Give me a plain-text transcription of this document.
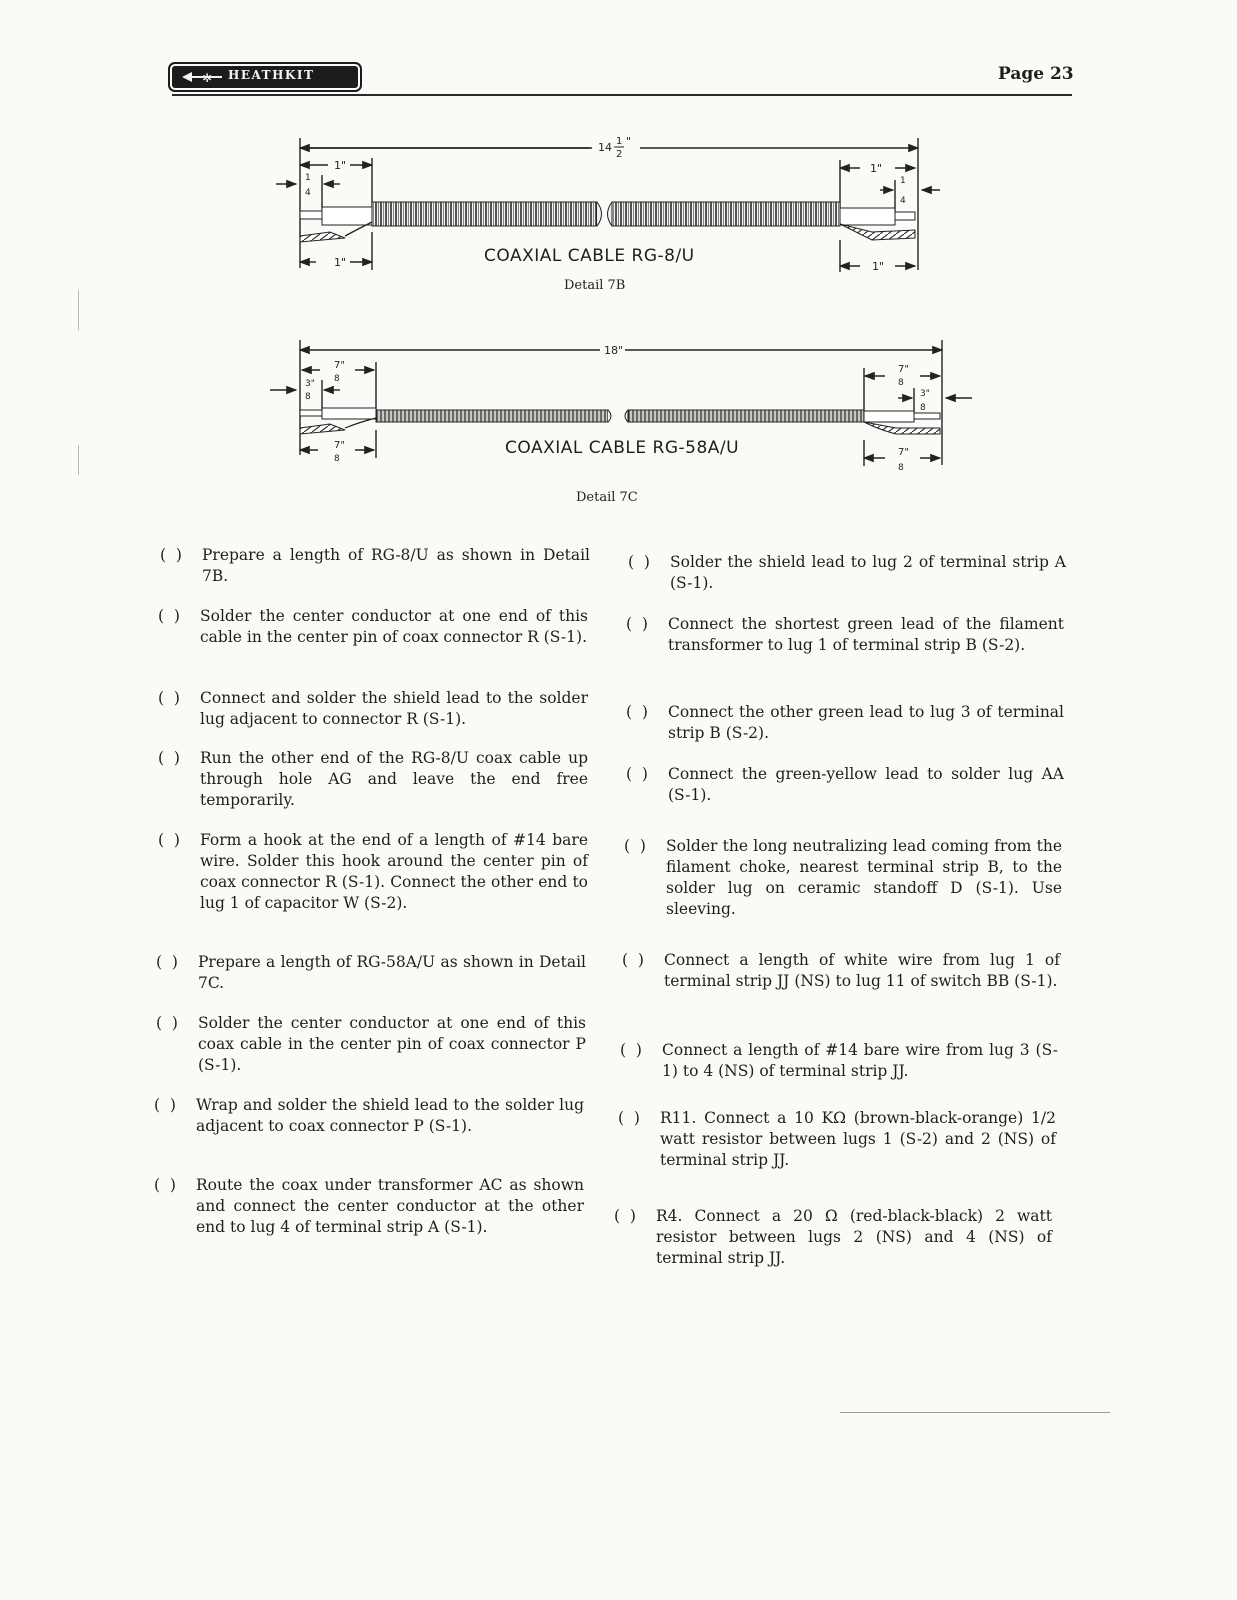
✲ HEATHKIT	Page 23
14 1
2
"
1"
1
4
1"
1"
1
4
1"
18"
7"
8
3"
8
7"
8
7"
8
3"
8
7"
8
COAXIAL CABLE RG-8/U
Detail 7B
COAXIAL CABLE RG-58A/U
Detail 7C
(  ) Prepare a length of RG-8/U as shown in Detail 7B.
(  ) Solder the center conductor at one end of this cable in the center pin of coax connector R (S-1).
(  ) Connect and solder the shield lead to the solder lug adjacent to connector R (S-1).
(  ) Run the other end of the RG-8/U coax cable up through hole AG and leave the end free temporarily.
(  ) Form a hook at the end of a length of #14 bare wire. Solder this hook around the center pin of coax connector R (S-1). Connect the other end to lug 1 of capacitor W (S-2).
(  ) Prepare a length of RG-58A/U as shown in Detail 7C.
(  ) Solder the center conductor at one end of this coax cable in the center pin of coax connector P (S-1).
(  ) Wrap and solder the shield lead to the solder lug adjacent to coax connector P (S-1).
(  ) Route the coax under transformer AC as shown and connect the center conductor at the other end to lug 4 of terminal strip A (S-1).
(  ) Solder the shield lead to lug 2 of terminal strip A (S-1).
(  ) Connect the shortest green lead of the filament transformer to lug 1 of terminal strip B (S-2).
(  ) Connect the other green lead to lug 3 of terminal strip B (S-2).
(  ) Connect the green-yellow lead to solder lug AA (S-1).
(  ) Solder the long neutralizing lead coming from the filament choke, nearest terminal strip B, to the solder lug on ceramic standoff D (S-1). Use sleeving.
(  ) Connect a length of white wire from lug 1 of terminal strip JJ (NS) to lug 11 of switch BB (S-1).
(  ) Connect a length of #14 bare wire from lug 3 (S-1) to 4 (NS) of terminal strip JJ.
(  ) R11. Connect a 10 KΩ (brown-black-orange) 1/2 watt resistor between lugs 1 (S-2) and 2 (NS) of terminal strip JJ.
(  ) R4. Connect a 20 Ω (red-black-black) 2 watt resistor between lugs 2 (NS) and 4 (NS) of terminal strip JJ.
